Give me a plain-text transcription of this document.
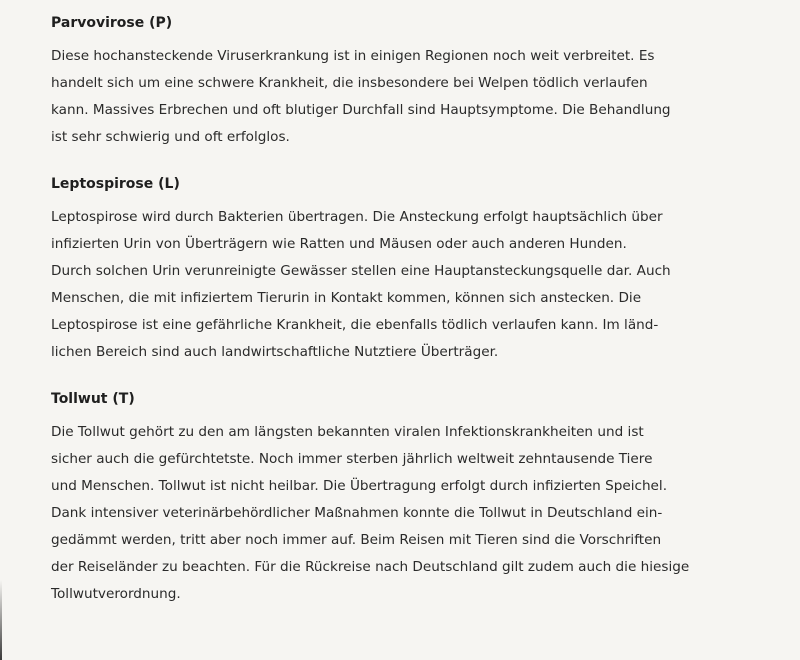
Parvovirose (P)

Diese hochansteckende Viruserkrankung ist in einigen Regionen noch weit verbreitet. Es
handelt sich um eine schwere Krankheit, die insbesondere bei Welpen tödlich verlaufen
kann. Massives Erbrechen und oft blutiger Durchfall sind Hauptsymptome. Die Behandlung
ist sehr schwierig und oft erfolglos.

Leptospirose (L)

Leptospirose wird durch Bakterien übertragen. Die Ansteckung erfolgt hauptsächlich über
infizierten Urin von Überträgern wie Ratten und Mäusen oder auch anderen Hunden.
Durch solchen Urin verunreinigte Gewässer stellen eine Hauptansteckungsquelle dar. Auch
Menschen, die mit infiziertem Tierurin in Kontakt kommen, können sich anstecken. Die
Leptospirose ist eine gefährliche Krankheit, die ebenfalls tödlich verlaufen kann. Im länd-
lichen Bereich sind auch landwirtschaftliche Nutztiere Überträger.

Tollwut (T)

Die Tollwut gehört zu den am längsten bekannten viralen Infektionskrankheiten und ist
sicher auch die gefürchtetste. Noch immer sterben jährlich weltweit zehntausende Tiere
und Menschen. Tollwut ist nicht heilbar. Die Übertragung erfolgt durch infizierten Speichel.
Dank intensiver veterinärbehördlicher Maßnahmen konnte die Tollwut in Deutschland ein-
gedämmt werden, tritt aber noch immer auf. Beim Reisen mit Tieren sind die Vorschriften
der Reiseländer zu beachten. Für die Rückreise nach Deutschland gilt zudem auch die hiesige
Tollwutverordnung.
